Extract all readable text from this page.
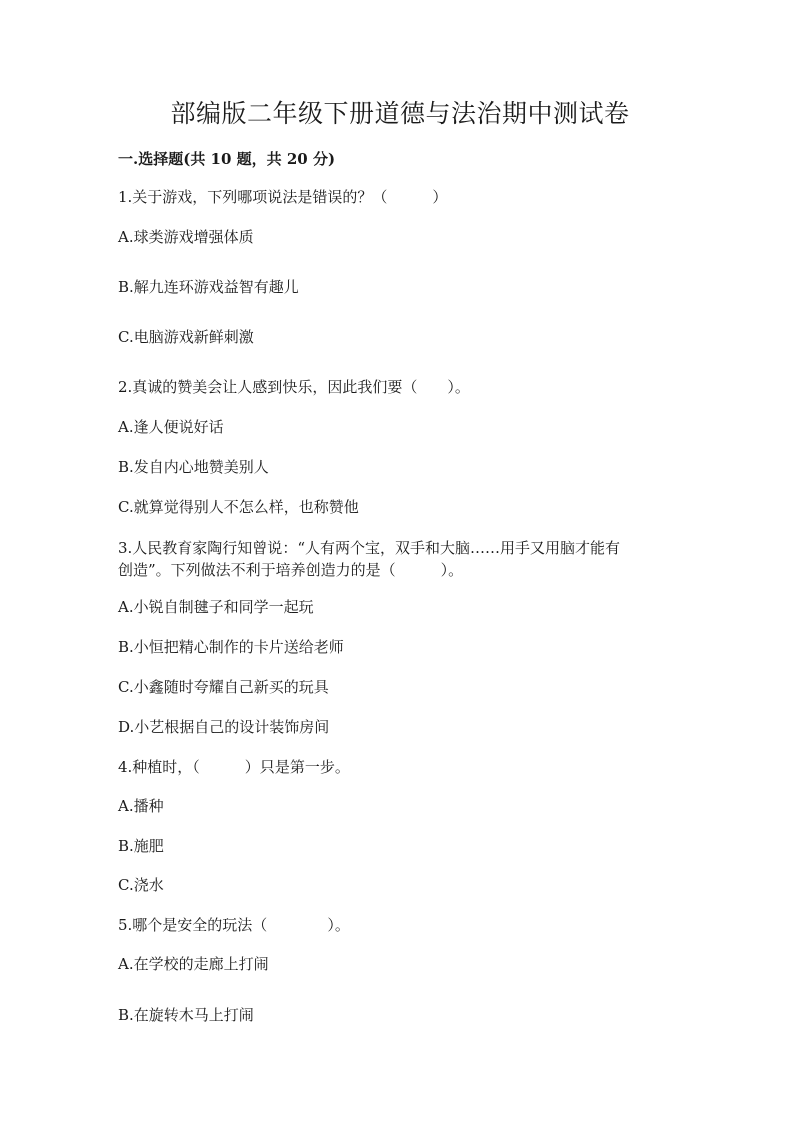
部编版二年级下册道德与法治期中测试卷
一.选择题(共 10 题，共 20 分)
1.关于游戏，下列哪项说法是错误的？（　　　）
A.球类游戏增强体质
B.解九连环游戏益智有趣儿
C.电脑游戏新鲜刺激
2.真诚的赞美会让人感到快乐，因此我们要（　　）。
A.逢人便说好话
B.发自内心地赞美别人
C.就算觉得别人不怎么样，也称赞他
3.人民教育家陶行知曾说：“人有两个宝，双手和大脑……用手又用脑才能有
创造”。下列做法不利于培养创造力的是（　　　）。
A.小锐自制毽子和同学一起玩
B.小恒把精心制作的卡片送给老师
C.小鑫随时夸耀自己新买的玩具
D.小艺根据自己的设计装饰房间
4.种植时，（　　　）只是第一步。
A.播种
B.施肥
C.浇水
5.哪个是安全的玩法（　　　　）。
A.在学校的走廊上打闹
B.在旋转木马上打闹
